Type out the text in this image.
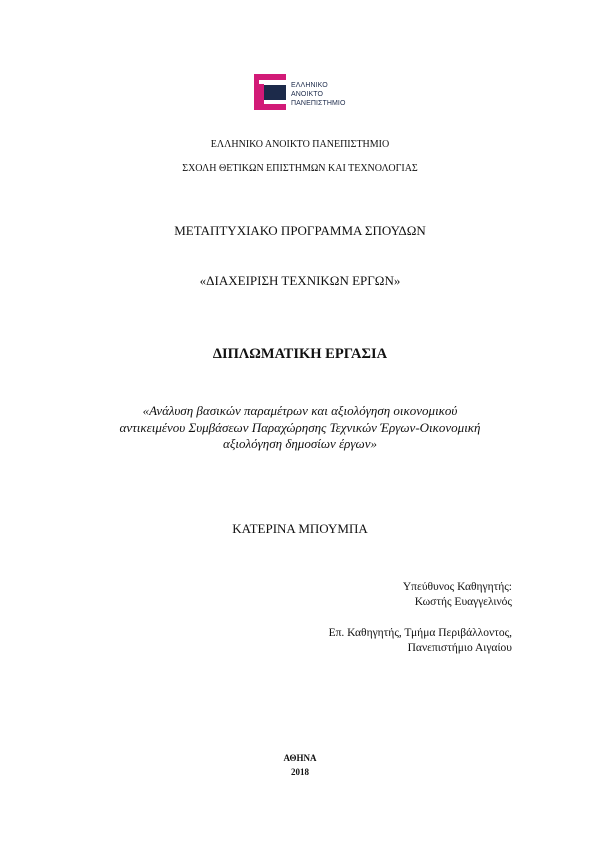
ΕΛΛΗΝΙΚΟ
ΑΝΟΙΚΤΟ
ΠΑΝΕΠΙΣΤΗΜΙΟ
ΕΛΛΗΝΙΚΟ ΑΝΟΙΚΤΟ ΠΑΝΕΠΙΣΤΗΜΙΟ
ΣΧΟΛΗ ΘΕΤΙΚΩΝ ΕΠΙΣΤΗΜΩΝ ΚΑΙ ΤΕΧΝΟΛΟΓΙΑΣ
ΜΕΤΑΠΤΥΧΙΑΚΟ ΠΡΟΓΡΑΜΜΑ ΣΠΟΥΔΩΝ
«ΔΙΑΧΕΙΡΙΣΗ ΤΕΧΝΙΚΩΝ ΕΡΓΩΝ»
ΔΙΠΛΩΜΑΤΙΚΗ ΕΡΓΑΣΙΑ
«Ανάλυση βασικών παραμέτρων και αξιολόγηση οικονομικού
αντικειμένου Συμβάσεων Παραχώρησης Τεχνικών Έργων-Οικονομική
αξιολόγηση δημοσίων έργων»
ΚΑΤΕΡΙΝΑ ΜΠΟΥΜΠΑ
Υπεύθυνος Καθηγητής:
Κωστής Ευαγγελινός
Επ. Καθηγητής, Τμήμα Περιβάλλοντος,
Πανεπιστήμιο Αιγαίου
ΑΘΗΝΑ
2018
